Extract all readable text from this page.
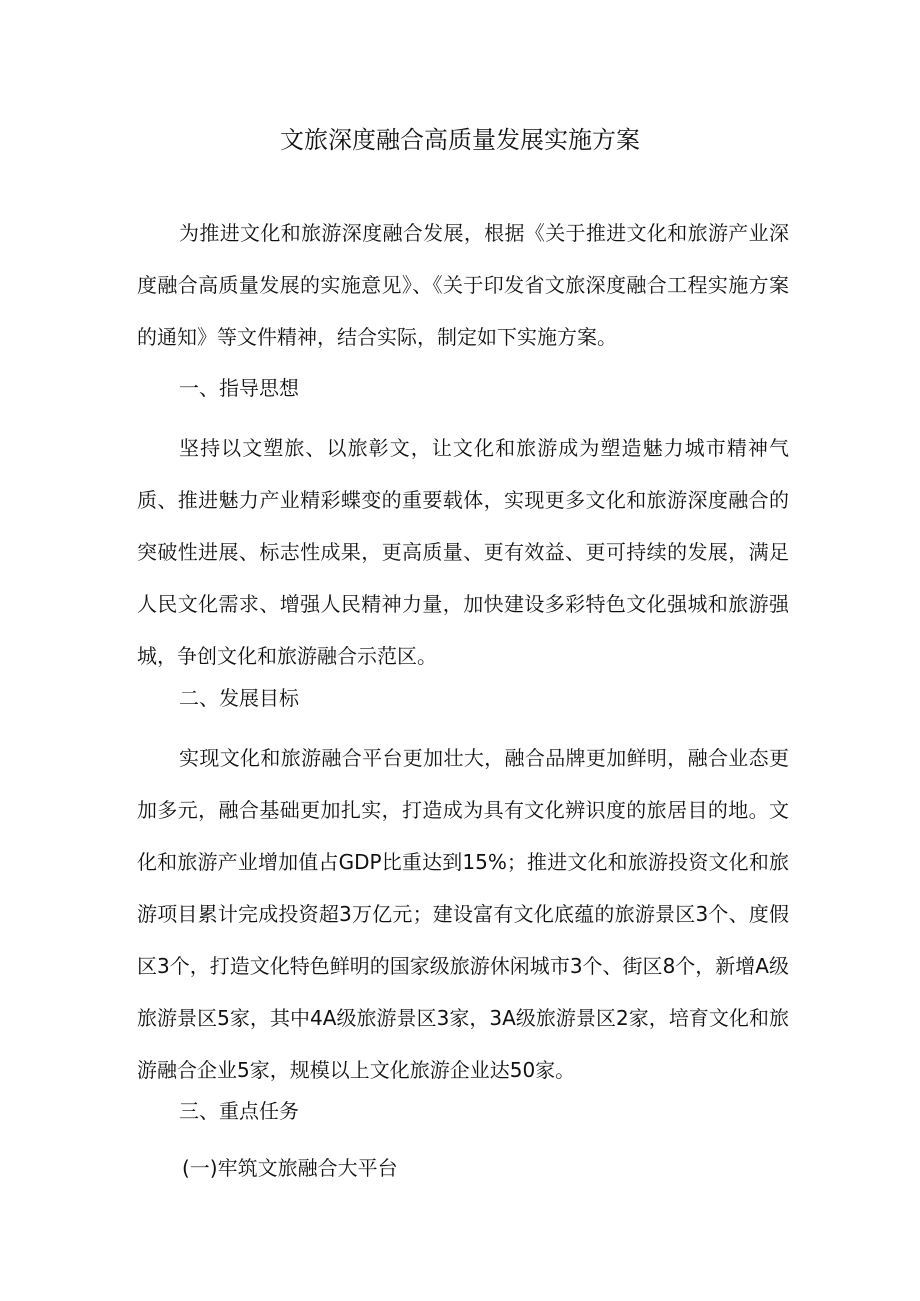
文旅深度融合高质量发展实施方案

为推进文化和旅游深度融合发展，根据《关于推进文化和旅游产业深度融合高质量发展的实施意见》、《关于印发省文旅深度融合工程实施方案的通知》等文件精神，结合实际，制定如下实施方案。

一、指导思想

坚持以文塑旅、以旅彰文，让文化和旅游成为塑造魅力城市精神气质、推进魅力产业精彩蝶变的重要载体，实现更多文化和旅游深度融合的突破性进展、标志性成果，更高质量、更有效益、更可持续的发展，满足人民文化需求、增强人民精神力量，加快建设多彩特色文化强城和旅游强城，争创文化和旅游融合示范区。

二、发展目标

实现文化和旅游融合平台更加壮大，融合品牌更加鲜明，融合业态更加多元，融合基础更加扎实，打造成为具有文化辨识度的旅居目的地。文化和旅游产业增加值占GDP比重达到15%；推进文化和旅游投资文化和旅游项目累计完成投资超3万亿元；建设富有文化底蕴的旅游景区3个、度假区3个，打造文化特色鲜明的国家级旅游休闲城市3个、街区8个，新增A级旅游景区5家，其中4A级旅游景区3家，3A级旅游景区2家，培育文化和旅游融合企业5家，规模以上文化旅游企业达50家。

三、重点任务

(一)牢筑文旅融合大平台
